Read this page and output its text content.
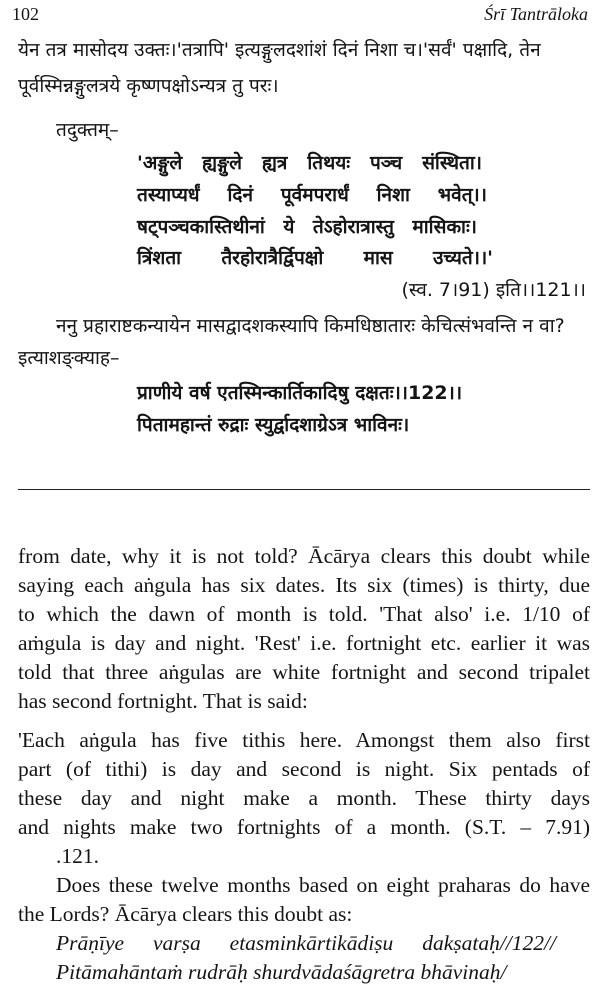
102	Śrī Tantrāloka
येन तत्र मासोदय उक्तः।'तत्रापि' इत्यङ्गुलदशांशं दिनं निशा च।'सर्वं' पक्षादि, तेन
पूर्वस्मिन्नङ्गुलत्रये कृष्णपक्षोऽन्यत्र तु परः।
तदुक्तम्–
'अङ्गुले ह्यङ्गुले ह्यत्र तिथयः पञ्च संस्थिता।
तस्याप्यर्धं दिनं पूर्वमपरार्धं निशा भवेत्।।
षट्पञ्चकास्तिथीनां ये तेऽहोरात्रास्तु मासिकाः।
त्रिंशता तैरहोरात्रैर्द्विपक्षो मास उच्यते।।'
(स्व. 7।91) इति।।121।।
ननु प्रहाराष्टकन्यायेन मासद्वादशकस्यापि किमधिष्ठातारः केचित्संभवन्ति न वा?
इत्याशङ्क्याह–
प्राणीये वर्ष एतस्मिन्कार्तिकादिषु दक्षतः।।122।।
पितामहान्तं रुद्राः स्युर्द्वादशाग्रेऽत्र भाविनः।

from date, why it is not told? Ācārya clears this doubt while

saying each aṅgula has six dates. Its six (times) is thirty, due

to which the dawn of month is told. 'That also' i.e. 1/10 of

aṁgula is day and night. 'Rest' i.e. fortnight etc. earlier it was

told that three aṅgulas are white fortnight and second tripalet

has second fortnight. That is said:

'Each aṅgula has five tithis here. Amongst them also first

part (of tithi) is day and second is night. Six pentads of

these day and night make a month. These thirty days

and nights make two fortnights of a month. (S.T. – 7.91)

.121.

Does these twelve months based on eight praharas do have

the Lords? Ācārya clears this doubt as:

Prāṇīye varṣa etasminkārtikādiṣu dakṣataḥ//122//
Pitāmahāntaṁ rudrāḥ shurdvādaśāgretra bhāvinaḥ/
